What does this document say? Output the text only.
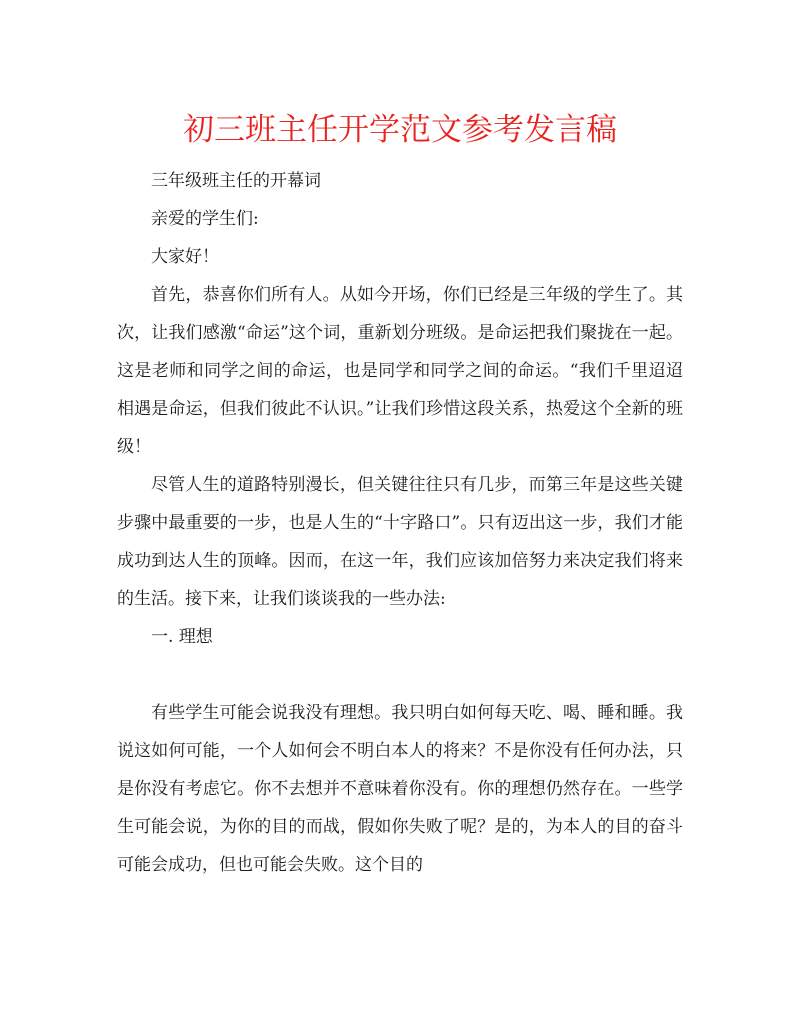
初三班主任开学范文参考发言稿

三年级班主任的开幕词

亲爱的学生们:

大家好！

首先，恭喜你们所有人。从如今开场，你们已经是三年级的学生了。其次，让我们感激“命运”这个词，重新划分班级。是命运把我们聚拢在一起。这是老师和同学之间的命运，也是同学和同学之间的命运。“我们千里迢迢相遇是命运，但我们彼此不认识。”让我们珍惜这段关系，热爱这个全新的班级！

尽管人生的道路特别漫长，但关键往往只有几步，而第三年是这些关键步骤中最重要的一步，也是人生的“十字路口”。只有迈出这一步，我们才能成功到达人生的顶峰。因而，在这一年，我们应该加倍努力来决定我们将来的生活。接下来，让我们谈谈我的一些办法:

一. 理想

有些学生可能会说我没有理想。我只明白如何每天吃、喝、睡和睡。我说这如何可能，一个人如何会不明白本人的将来？不是你没有任何办法，只是你没有考虑它。你不去想并不意味着你没有。你的理想仍然存在。一些学生可能会说，为你的目的而战，假如你失败了呢？是的，为本人的目的奋斗可能会成功，但也可能会失败。这个目的
